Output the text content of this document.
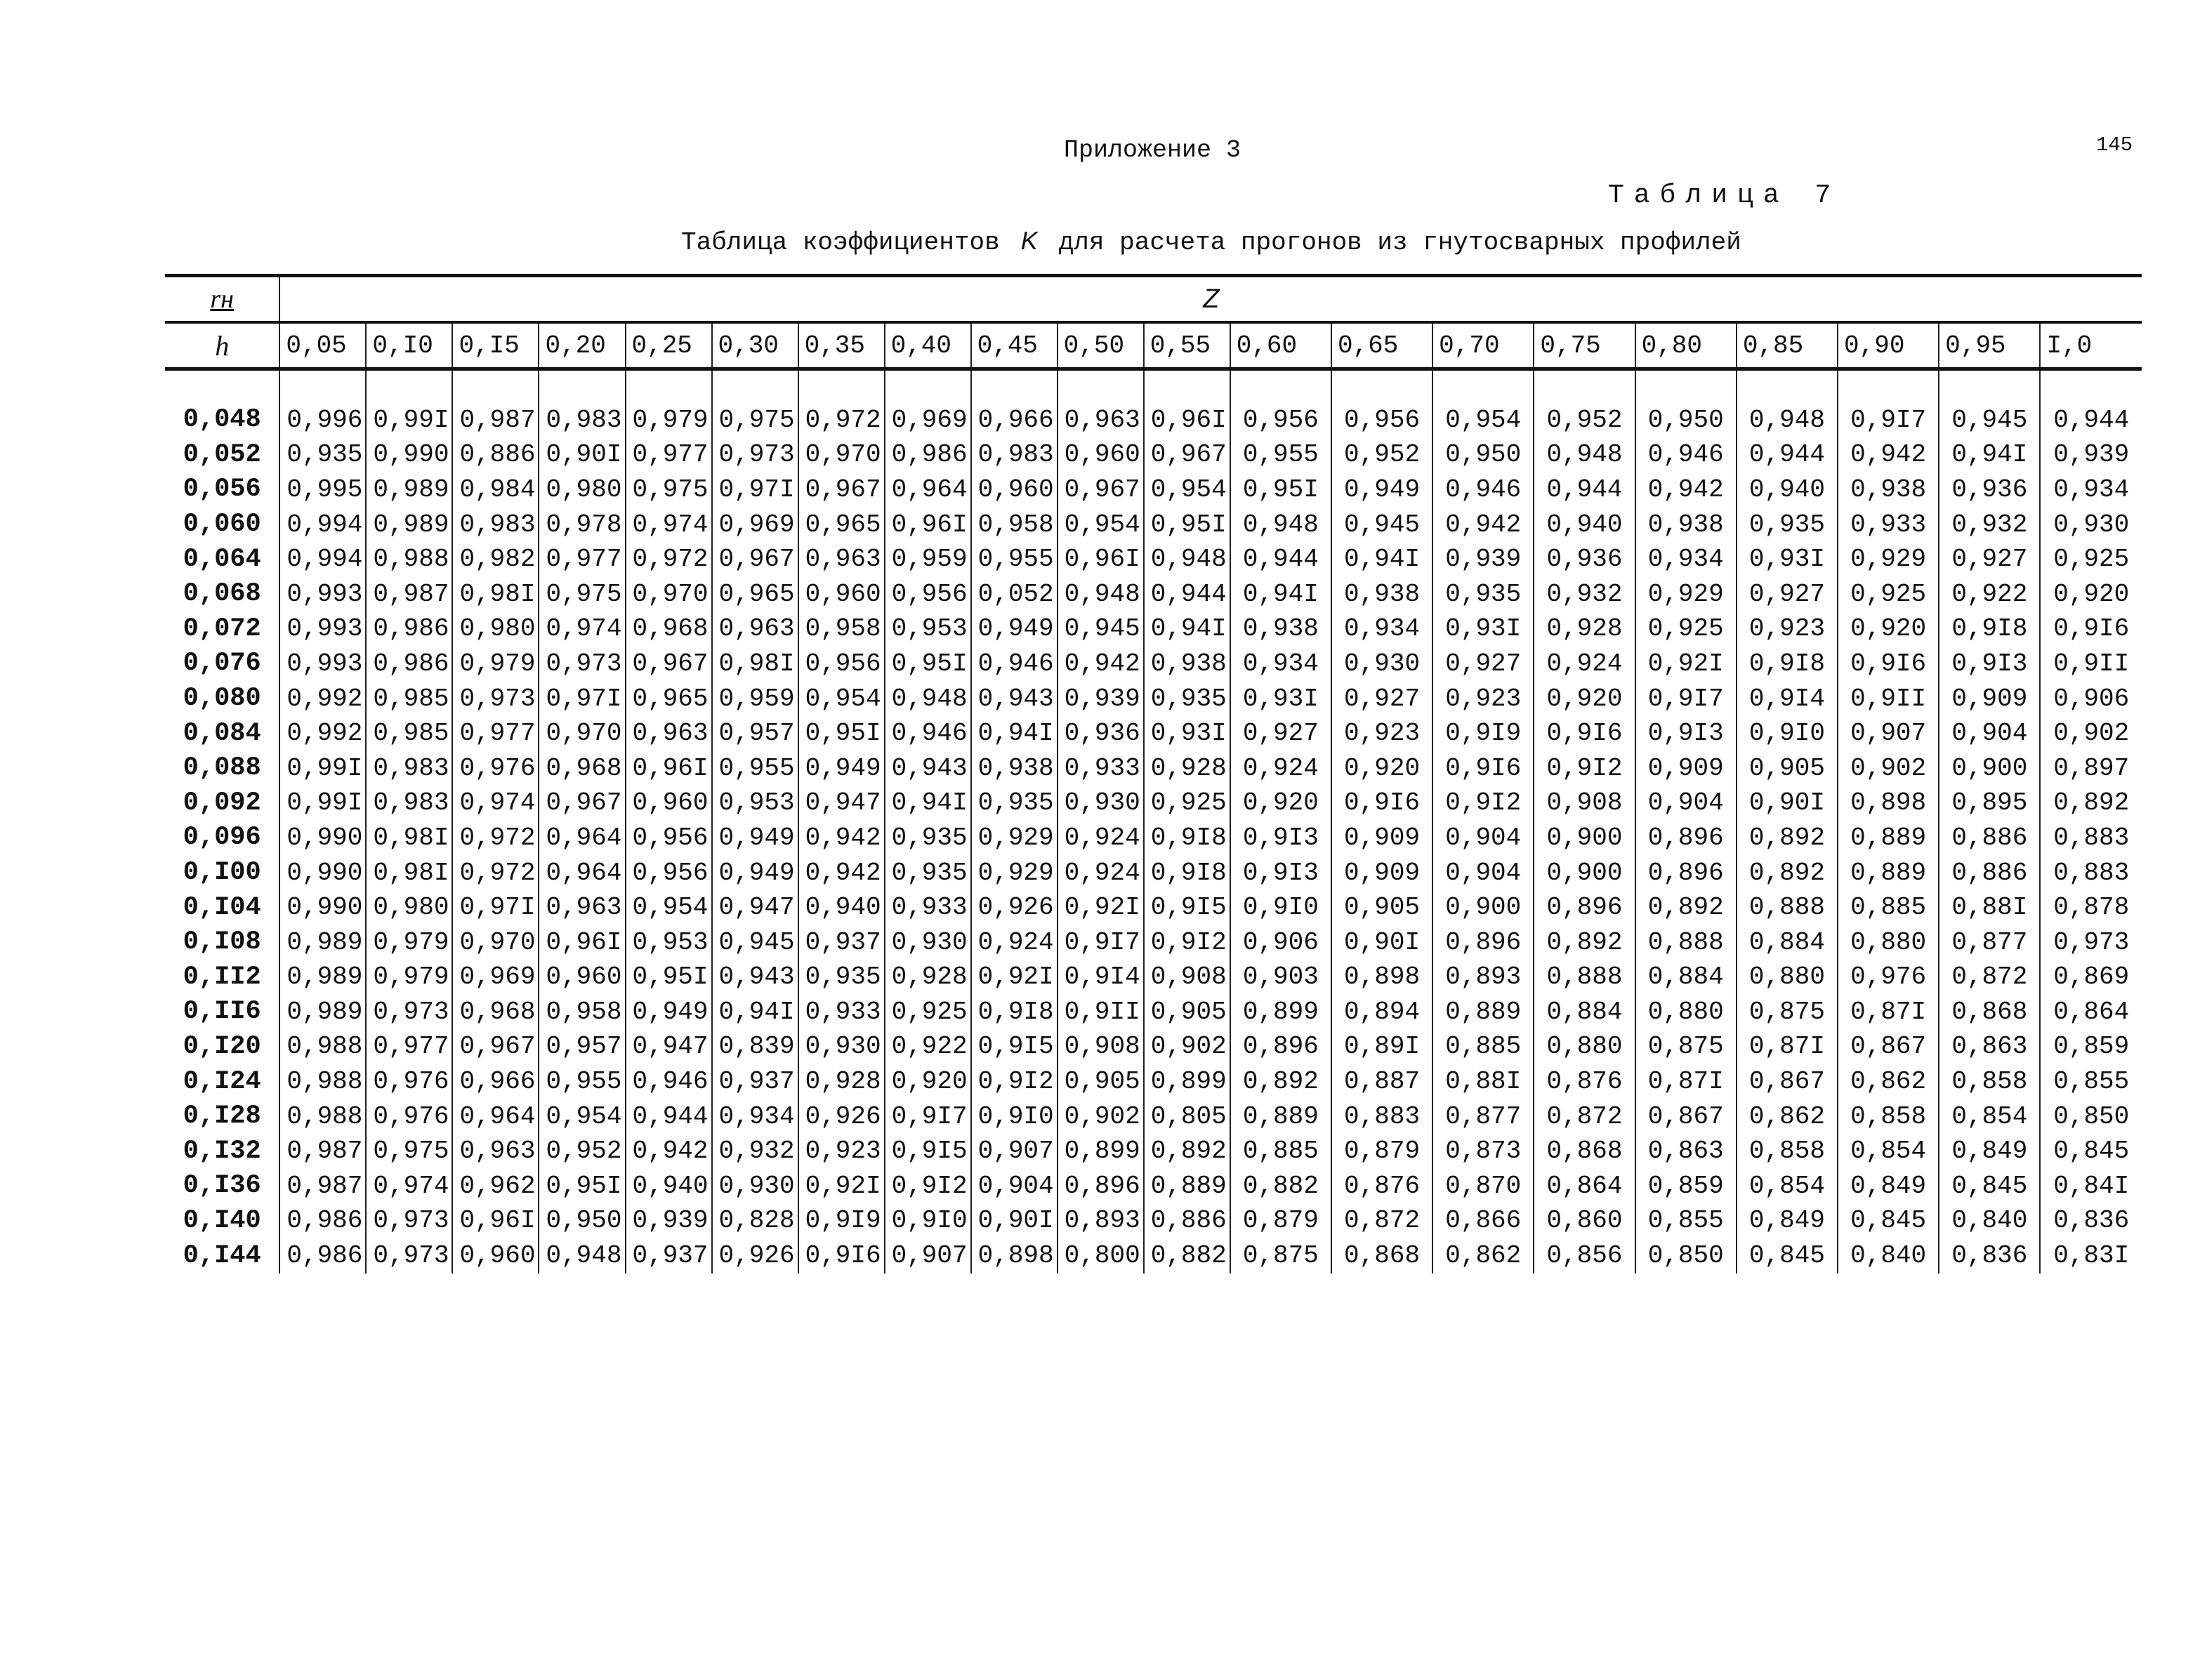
Приложение 3	145
Таблица 7
Таблица коэффициентов K для расчета прогонов из гнутосварных профилей
rн	Z																			
h	0,05	0,I0	0,I5	0,20	0,25	0,30	0,35	0,40	0,45	0,50	0,55	0,60	0,65	0,70	0,75	0,80	0,85	0,90	0,95	I,0

0,048	0,996	0,99I	0,987	0,983	0,979	0,975	0,972	0,969	0,966	0,963	0,96I	0,956	0,956	0,954	0,952	0,950	0,948	0,9I7	0,945	0,944
0,052	0,935	0,990	0,886	0,90I	0,977	0,973	0,970	0,986	0,983	0,960	0,967	0,955	0,952	0,950	0,948	0,946	0,944	0,942	0,94I	0,939
0,056	0,995	0,989	0,984	0,980	0,975	0,97I	0,967	0,964	0,960	0,967	0,954	0,95I	0,949	0,946	0,944	0,942	0,940	0,938	0,936	0,934
0,060	0,994	0,989	0,983	0,978	0,974	0,969	0,965	0,96I	0,958	0,954	0,95I	0,948	0,945	0,942	0,940	0,938	0,935	0,933	0,932	0,930
0,064	0,994	0,988	0,982	0,977	0,972	0,967	0,963	0,959	0,955	0,96I	0,948	0,944	0,94I	0,939	0,936	0,934	0,93I	0,929	0,927	0,925
0,068	0,993	0,987	0,98I	0,975	0,970	0,965	0,960	0,956	0,052	0,948	0,944	0,94I	0,938	0,935	0,932	0,929	0,927	0,925	0,922	0,920
0,072	0,993	0,986	0,980	0,974	0,968	0,963	0,958	0,953	0,949	0,945	0,94I	0,938	0,934	0,93I	0,928	0,925	0,923	0,920	0,9I8	0,9I6
0,076	0,993	0,986	0,979	0,973	0,967	0,98I	0,956	0,95I	0,946	0,942	0,938	0,934	0,930	0,927	0,924	0,92I	0,9I8	0,9I6	0,9I3	0,9II
0,080	0,992	0,985	0,973	0,97I	0,965	0,959	0,954	0,948	0,943	0,939	0,935	0,93I	0,927	0,923	0,920	0,9I7	0,9I4	0,9II	0,909	0,906
0,084	0,992	0,985	0,977	0,970	0,963	0,957	0,95I	0,946	0,94I	0,936	0,93I	0,927	0,923	0,9I9	0,9I6	0,9I3	0,9I0	0,907	0,904	0,902
0,088	0,99I	0,983	0,976	0,968	0,96I	0,955	0,949	0,943	0,938	0,933	0,928	0,924	0,920	0,9I6	0,9I2	0,909	0,905	0,902	0,900	0,897
0,092	0,99I	0,983	0,974	0,967	0,960	0,953	0,947	0,94I	0,935	0,930	0,925	0,920	0,9I6	0,9I2	0,908	0,904	0,90I	0,898	0,895	0,892
0,096	0,990	0,98I	0,972	0,964	0,956	0,949	0,942	0,935	0,929	0,924	0,9I8	0,9I3	0,909	0,904	0,900	0,896	0,892	0,889	0,886	0,883
0,I00	0,990	0,98I	0,972	0,964	0,956	0,949	0,942	0,935	0,929	0,924	0,9I8	0,9I3	0,909	0,904	0,900	0,896	0,892	0,889	0,886	0,883
0,I04	0,990	0,980	0,97I	0,963	0,954	0,947	0,940	0,933	0,926	0,92I	0,9I5	0,9I0	0,905	0,900	0,896	0,892	0,888	0,885	0,88I	0,878
0,I08	0,989	0,979	0,970	0,96I	0,953	0,945	0,937	0,930	0,924	0,9I7	0,9I2	0,906	0,90I	0,896	0,892	0,888	0,884	0,880	0,877	0,973
0,II2	0,989	0,979	0,969	0,960	0,95I	0,943	0,935	0,928	0,92I	0,9I4	0,908	0,903	0,898	0,893	0,888	0,884	0,880	0,976	0,872	0,869
0,II6	0,989	0,973	0,968	0,958	0,949	0,94I	0,933	0,925	0,9I8	0,9II	0,905	0,899	0,894	0,889	0,884	0,880	0,875	0,87I	0,868	0,864
0,I20	0,988	0,977	0,967	0,957	0,947	0,839	0,930	0,922	0,9I5	0,908	0,902	0,896	0,89I	0,885	0,880	0,875	0,87I	0,867	0,863	0,859
0,I24	0,988	0,976	0,966	0,955	0,946	0,937	0,928	0,920	0,9I2	0,905	0,899	0,892	0,887	0,88I	0,876	0,87I	0,867	0,862	0,858	0,855
0,I28	0,988	0,976	0,964	0,954	0,944	0,934	0,926	0,9I7	0,9I0	0,902	0,805	0,889	0,883	0,877	0,872	0,867	0,862	0,858	0,854	0,850
0,I32	0,987	0,975	0,963	0,952	0,942	0,932	0,923	0,9I5	0,907	0,899	0,892	0,885	0,879	0,873	0,868	0,863	0,858	0,854	0,849	0,845
0,I36	0,987	0,974	0,962	0,95I	0,940	0,930	0,92I	0,9I2	0,904	0,896	0,889	0,882	0,876	0,870	0,864	0,859	0,854	0,849	0,845	0,84I
0,I40	0,986	0,973	0,96I	0,950	0,939	0,828	0,9I9	0,9I0	0,90I	0,893	0,886	0,879	0,872	0,866	0,860	0,855	0,849	0,845	0,840	0,836
0,I44	0,986	0,973	0,960	0,948	0,937	0,926	0,9I6	0,907	0,898	0,800	0,882	0,875	0,868	0,862	0,856	0,850	0,845	0,840	0,836	0,83I
